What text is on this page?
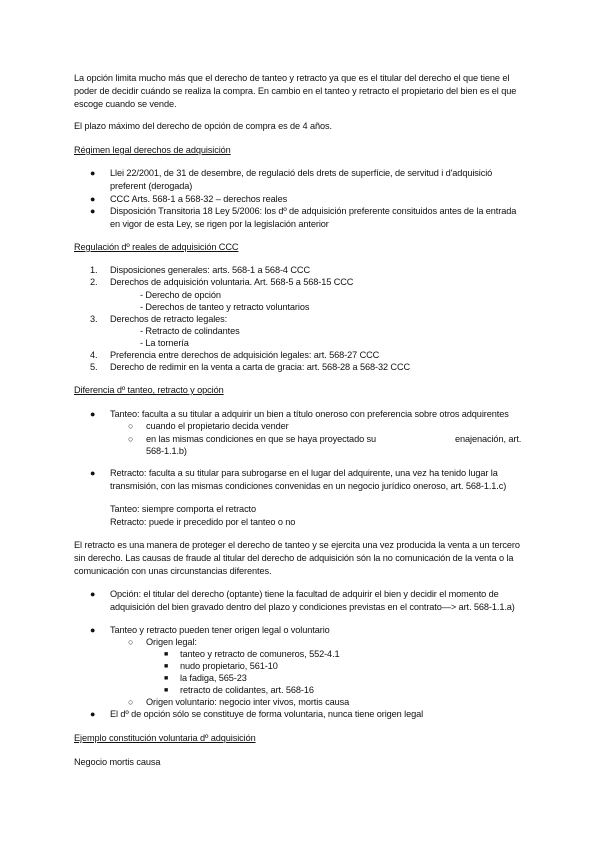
La opción limita mucho más que el derecho de tanteo y retracto ya que es el titular del derecho el que tiene el
poder de decidir cuándo se realiza la compra. En cambio en el tanteo y retracto el propietario del bien es el que
escoge cuando se vende.
El plazo máximo del derecho de opción de compra es de 4 años.
Régimen legal derechos de adquisición
● Llei 22/2001, de 31 de desembre, de regulació dels drets de superfície, de servitud i d'adquisició
preferent (derogada)
● CCC Arts. 568-1 a 568-32 – derechos reales
● Disposición Transitoria 18 Ley 5/2006: los dº de adquisición preferente consituidos antes de la entrada
en vigor de esta Ley, se rigen por la legislación anterior
Regulación dº reales de adquisición CCC
1. Disposiciones generales: arts. 568-1 a 568-4 CCC
2. Derechos de adquisición voluntaria. Art. 568-5 a 568-15 CCC
- Derecho de opción
- Derechos de tanteo y retracto voluntarios
3. Derechos de retracto legales:
- Retracto de colindantes
- La tornería
4. Preferencia entre derechos de adquisición legales: art. 568-27 CCC
5. Derecho de redimir en la venta a carta de gracia: art. 568-28 a 568-32 CCC
Diferencia dº tanteo, retracto y opción
● Tanteo: faculta a su titular a adquirir un bien a título oneroso con preferencia sobre otros adquirentes
○ cuando el propietario decida vender
○ en las mismas condiciones en que se haya proyectado su	enajenación, art.
568-1.1.b)
● Retracto: faculta a su titular para subrogarse en el lugar del adquirente, una vez ha tenido lugar la
transmisión, con las mismas condiciones convenidas en un negocio jurídico oneroso, art. 568-1.1.c)
Tanteo: siempre comporta el retracto
Retracto: puede ir precedido por el tanteo o no
El retracto es una manera de proteger el derecho de tanteo y se ejercita una vez producida la venta a un tercero
sin derecho. Las causas de fraude al titular del derecho de adquisición són la no comunicación de la venta o la
comunicación con unas circunstancias diferentes.
● Opción: el titular del derecho (optante) tiene la facultad de adquirir el bien y decidir el momento de
adquisición del bien gravado dentro del plazo y condiciones previstas en el contrato—> art. 568-1.1.a)
● Tanteo y retracto pueden tener origen legal o voluntario
○ Origen legal:
■ tanteo y retracto de comuneros, 552-4.1
■ nudo propietario, 561-10
■ la fadiga, 565-23
■ retracto de colidantes, art. 568-16
○ Origen voluntario: negocio inter vivos, mortis causa
● El dº de opción sólo se constituye de forma voluntaria, nunca tiene origen legal
Ejemplo constitución voluntaria dº adquisición
Negocio mortis causa
